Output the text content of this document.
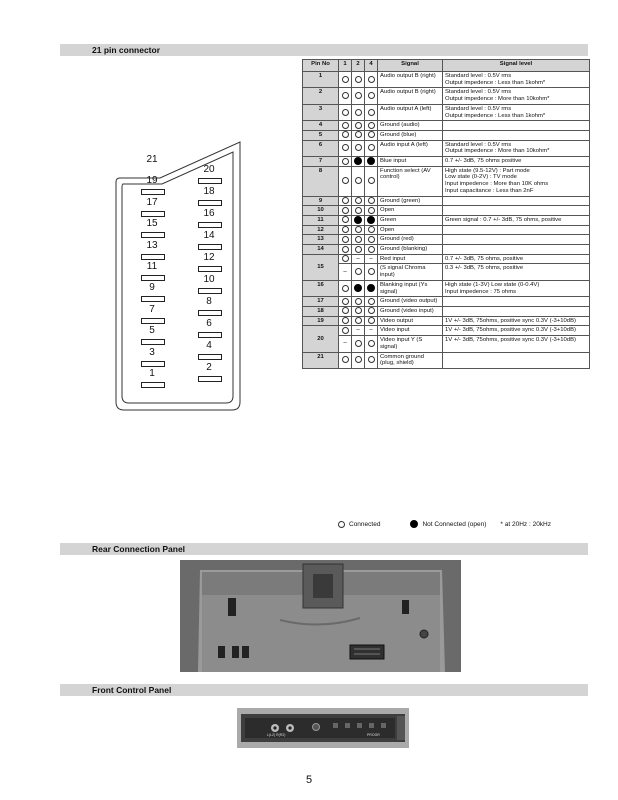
21 pin connector
Rear Connection Panel
Front Control Panel
21
19
17
15
13
11
9
7
5
3
1
20
18
16
14
12
10
8
6
4
2
Pin No	1	2	4	Signal	Signal level
1				Audio output B (right)	Standard level : 0.5V rms
Output impedence : Less than 1kohm*
2				Audio output B (right)	Standard level : 0.5V rms
Output impedence : More than 10kohm*
3				Audio output A (left)	Standard level : 0.5V rms
Output impedence : Less than 1kohm*
4				Ground (audio)	
5				Ground (blue)	
6				Audio input A (left)	Standard level : 0.5V rms
Output impedence : More than 10kohm*
7				Blue input	0.7 +/- 3dB, 75 ohms positive
8				Function select (AV control)	High state (9.5-12V) : Part mode
Low state (0-2V) : TV mode
Input impedence : More than 10K ohms
Input capacitance : Less than 2nF
9				Ground (green)	
10				Open	
11				Green	Green signal : 0.7 +/- 3dB, 75 ohms, positive
12				Open	
13				Ground (red)	
14				Ground (blanking)	
15		–	–	Red input	0.7 +/- 3dB, 75 ohms, positive
	–			(S signal Chroma input)	0.3 +/- 3dB, 75 ohms, positive
16				Blanking input (Ys signal)	High state (1-3V) Low state (0-0.4V)
Input impedence : 75 ohms
17				Ground (video output)	
18				Ground (video input)	
19				Video output	1V +/- 3dB, 75ohms, positive sync 0.3V (-3+10dB)
20		–	–	Video input	1V +/- 3dB, 75ohms, positive sync 0.3V (-3+10dB)
	–			Video input Y (S signal)	1V +/- 3dB, 75ohms, positive sync 0.3V (-3+10dB)
21				Common ground (plug, shield)	
Connected	Not Connected (open) * at 20Hz : 20kHz
L(L2) R(R2)	PROGR
5
